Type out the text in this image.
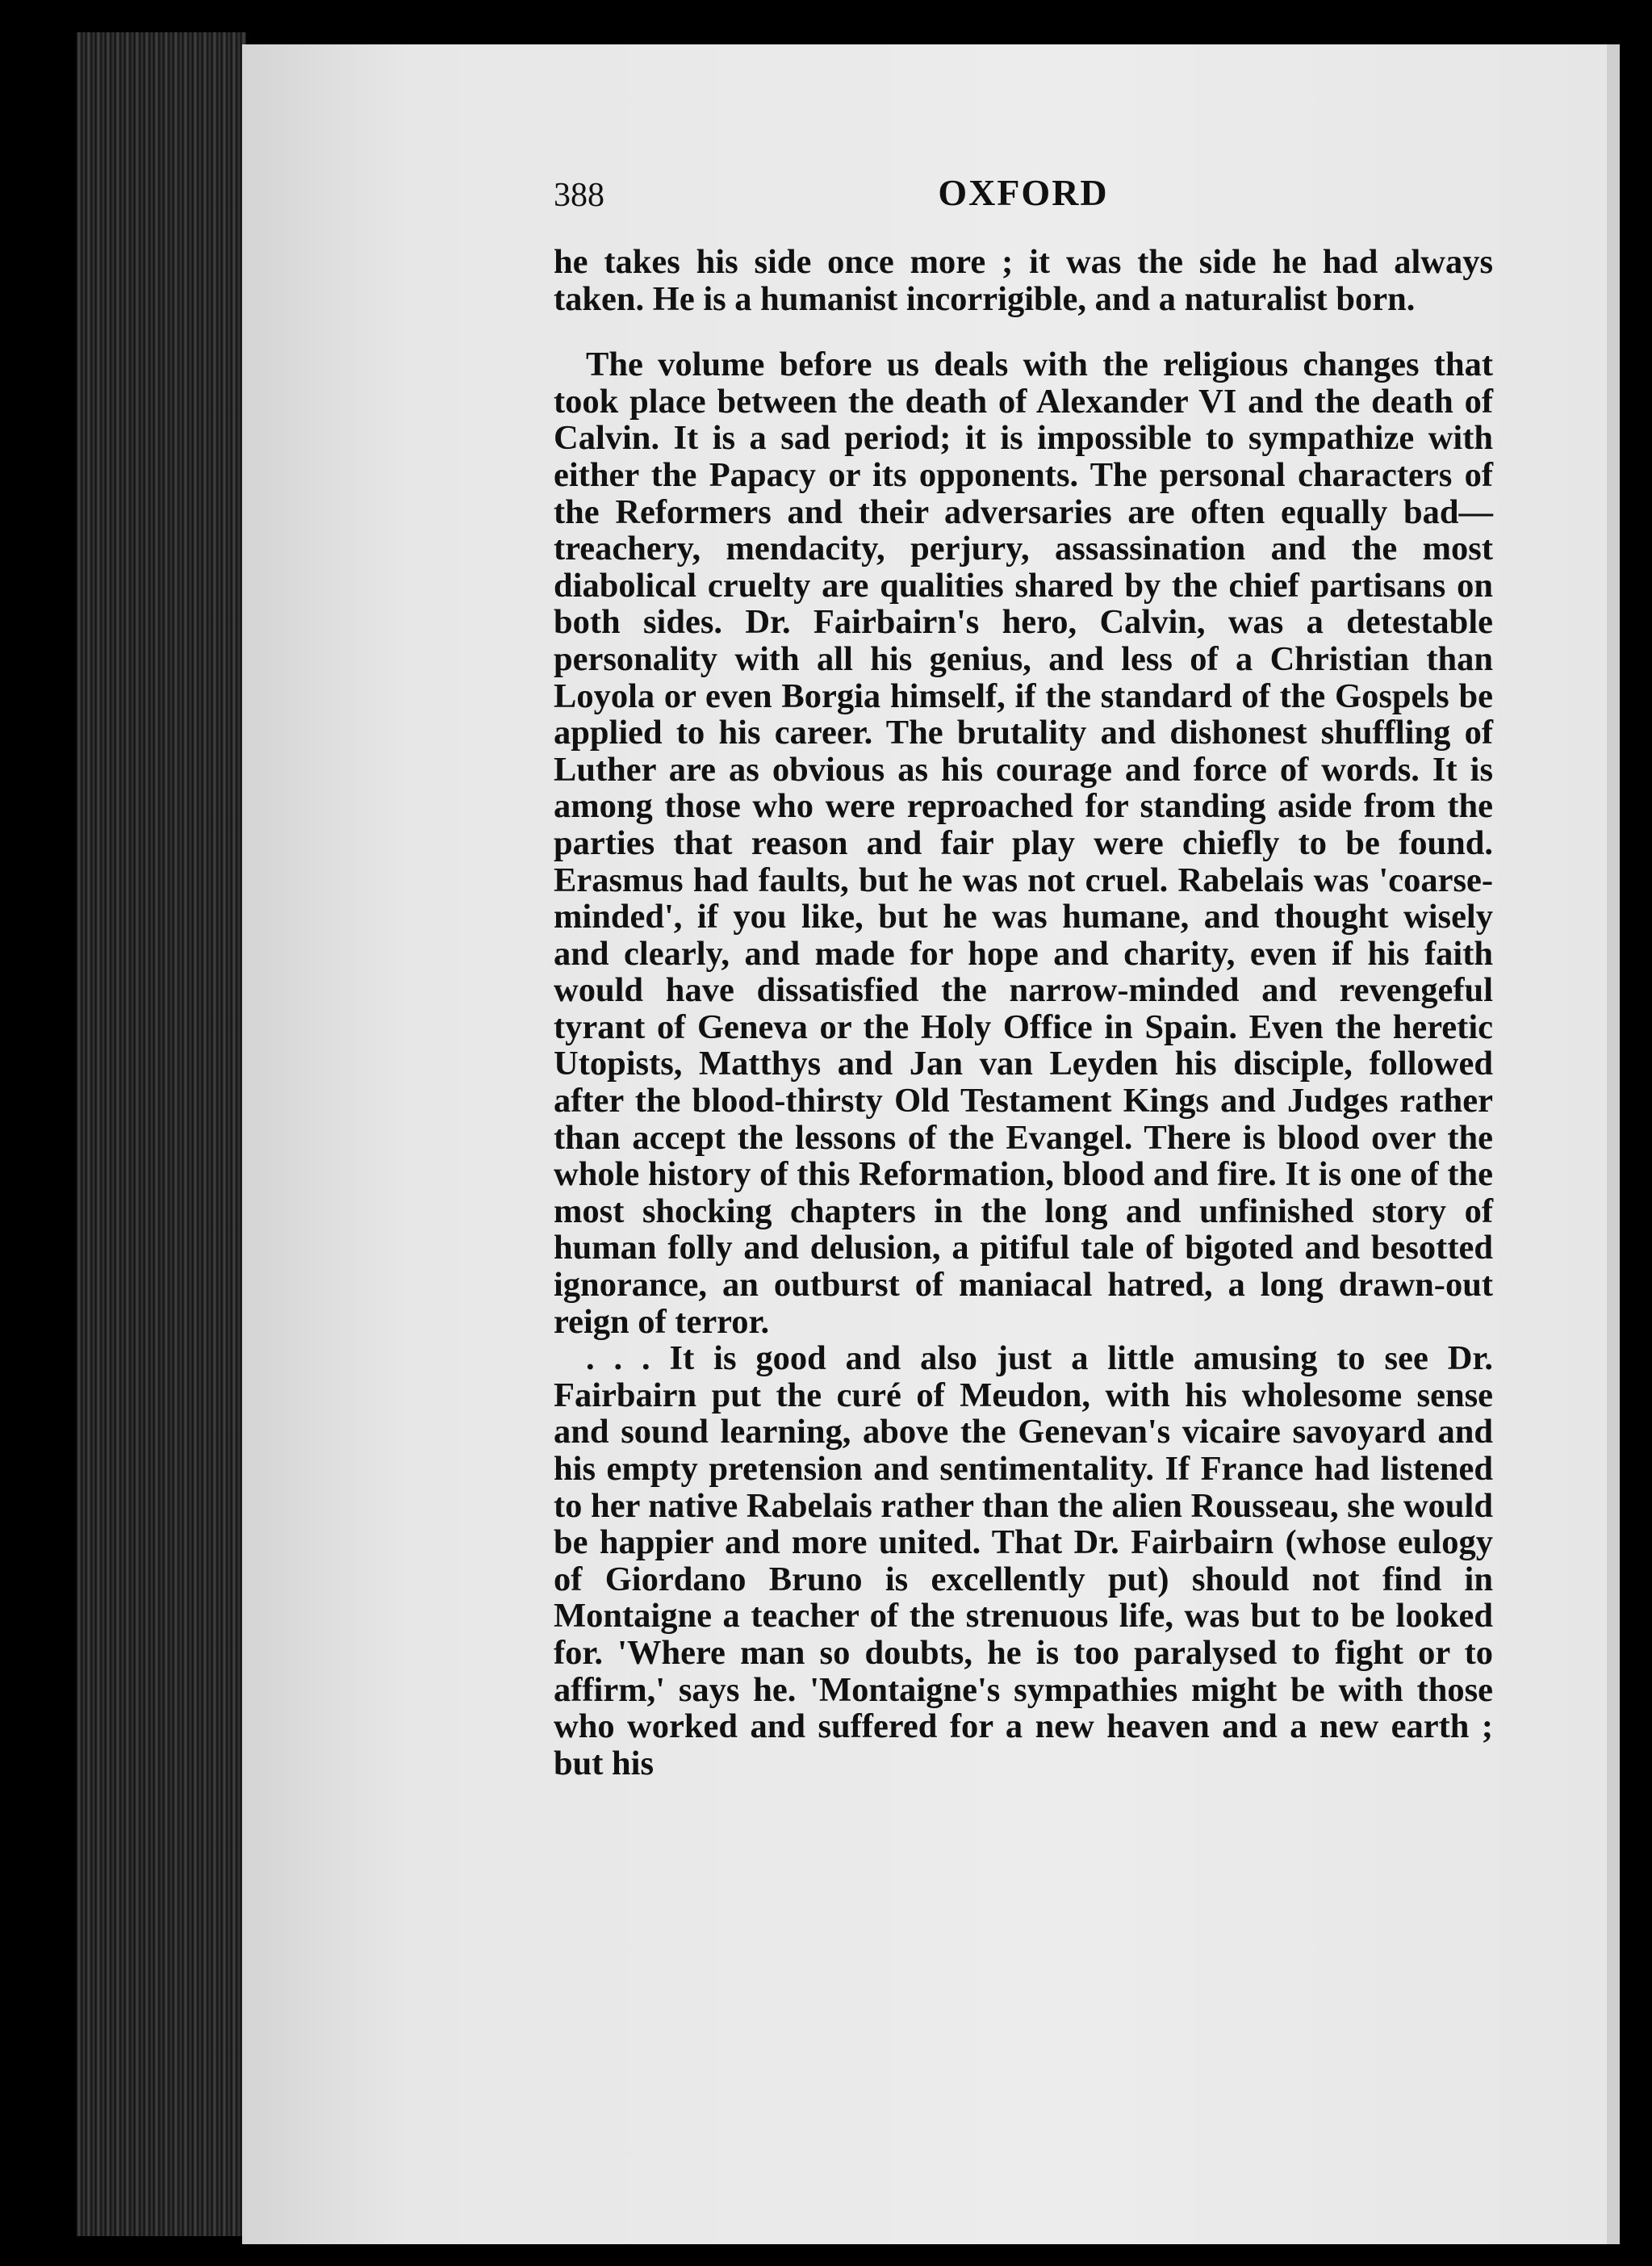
388	OXFORD

he takes his side once more ; it was the side he had always taken. He is a humanist incorrigible, and a naturalist born.

The volume before us deals with the religious changes that took place between the death of Alexander VI and the death of Calvin. It is a sad period; it is impossible to sympathize with either the Papacy or its opponents. The personal characters of the Reformers and their adversaries are often equally bad—treachery, mendacity, perjury, assassination and the most diabolical cruelty are qualities shared by the chief partisans on both sides. Dr. Fairbairn's hero, Calvin, was a detestable personality with all his genius, and less of a Christian than Loyola or even Borgia himself, if the standard of the Gospels be applied to his career. The brutality and dishonest shuffling of Luther are as obvious as his courage and force of words. It is among those who were reproached for standing aside from the parties that reason and fair play were chiefly to be found. Erasmus had faults, but he was not cruel. Rabelais was 'coarse-minded', if you like, but he was humane, and thought wisely and clearly, and made for hope and charity, even if his faith would have dissatisfied the narrow-minded and revengeful tyrant of Geneva or the Holy Office in Spain. Even the heretic Utopists, Matthys and Jan van Leyden his disciple, followed after the blood-thirsty Old Testament Kings and Judges rather than accept the lessons of the Evangel. There is blood over the whole history of this Reformation, blood and fire. It is one of the most shocking chapters in the long and unfinished story of human folly and delusion, a pitiful tale of bigoted and besotted ignorance, an outburst of maniacal hatred, a long drawn-out reign of terror.

. . . It is good and also just a little amusing to see Dr. Fairbairn put the curé of Meudon, with his wholesome sense and sound learning, above the Genevan's vicaire savoyard and his empty pretension and sentimentality. If France had listened to her native Rabelais rather than the alien Rousseau, she would be happier and more united. That Dr. Fairbairn (whose eulogy of Giordano Bruno is excellently put) should not find in Montaigne a teacher of the strenuous life, was but to be looked for. 'Where man so doubts, he is too paralysed to fight or to affirm,' says he. 'Montaigne's sympathies might be with those who worked and suffered for a new heaven and a new earth ; but his
